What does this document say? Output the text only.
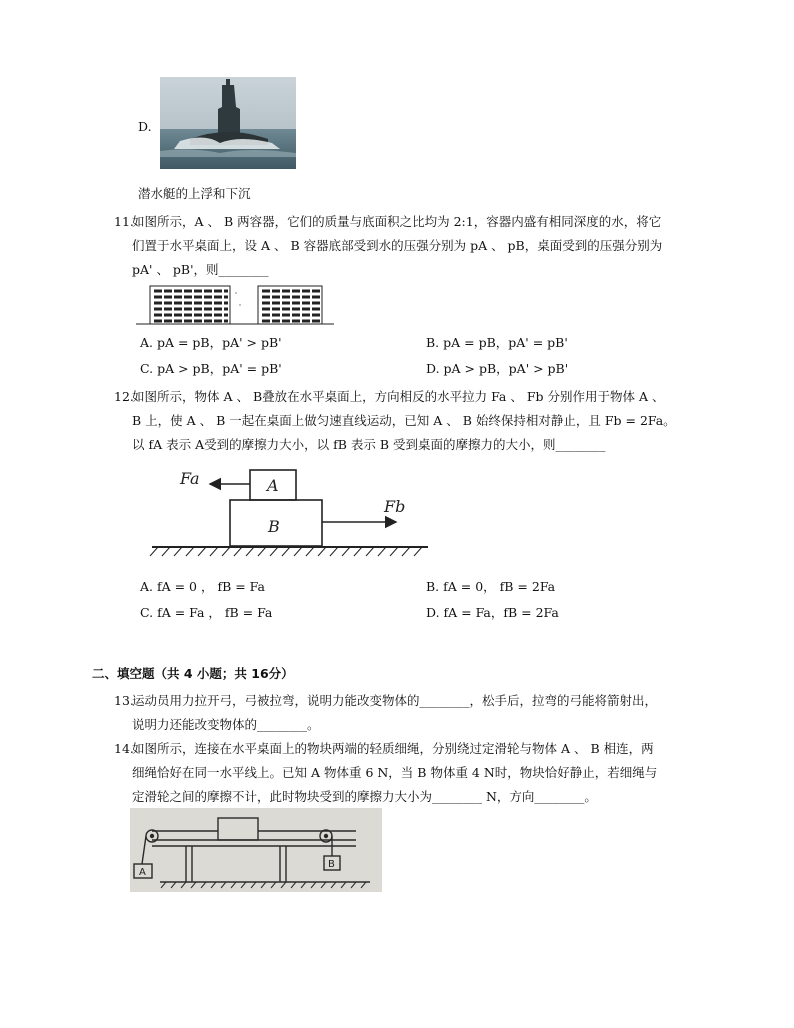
D.
潜水艇的上浮和下沉
11.
如图所示，A 、 B 两容器，它们的质量与底面积之比均为 2:1，容器内盛有相同深度的水，将它
们置于水平桌面上，设 A 、 B 容器底部受到水的压强分别为 pA 、 pB，桌面受到的压强分别为
pA' 、 pB'，则________
A. pA = pB，pA' > pB'	B. pA = pB，pA' = pB'
C. pA > pB，pA' = pB'	D. pA > pB，pA' > pB'
12.
如图所示，物体 A 、 B叠放在水平桌面上，方向相反的水平拉力 Fa 、 Fb 分别作用于物体 A 、
B 上，使 A 、 B 一起在桌面上做匀速直线运动，已知 A 、 B 始终保持相对静止，且 Fb = 2Fa。
以 fA 表示 A受到的摩擦力大小，以 fB 表示 B 受到桌面的摩擦力的大小，则________
Fa
Fb
A
B
A. fA = 0 ， fB = Fa	B. fA = 0， fB = 2Fa
C. fA = Fa ， fB = Fa	D. fA = Fa，fB = 2Fa
二、填空题（共 4 小题；共 16分）
13.
运动员用力拉开弓，弓被拉弯，说明力能改变物体的________，松手后，拉弯的弓能将箭射出，
说明力还能改变物体的________。
14.
如图所示，连接在水平桌面上的物块两端的轻质细绳，分别绕过定滑轮与物体 A 、 B 相连，两
细绳恰好在同一水平线上。已知 A 物体重 6 N，当 B 物体重 4 N时，物块恰好静止，若细绳与
定滑轮之间的摩擦不计，此时物块受到的摩擦力大小为________ N，方向________。
A
B
